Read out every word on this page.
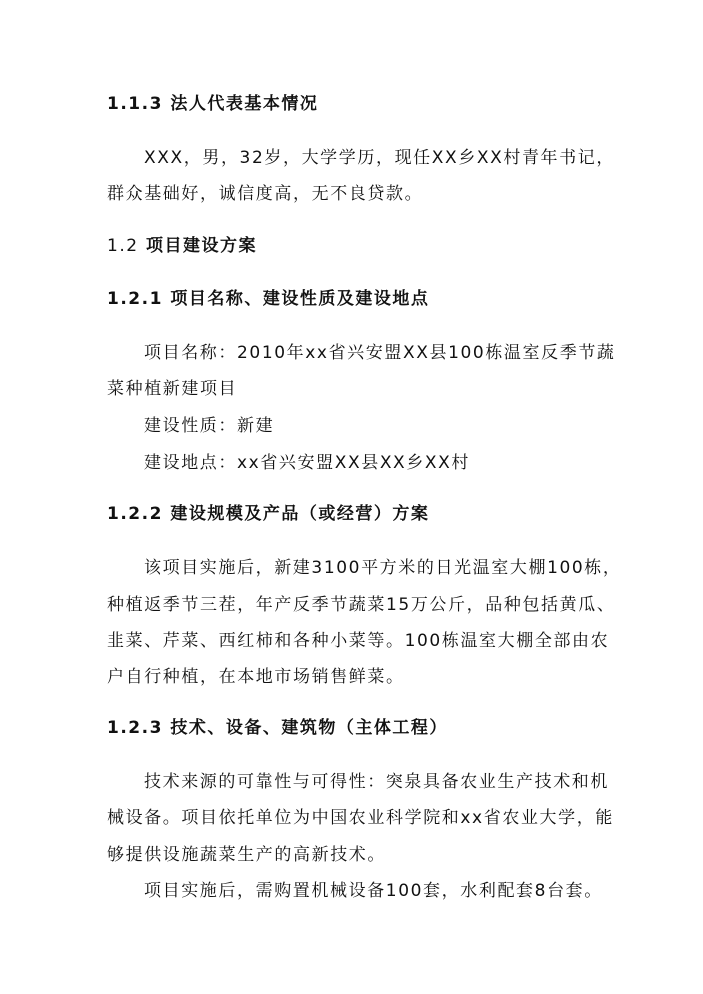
1.1.3 法人代表基本情况
XXX，男，32岁，大学学历，现任XX乡XX村青年书记，
群众基础好，诚信度高，无不良贷款。
1.2 项目建设方案
1.2.1 项目名称、建设性质及建设地点
项目名称：2010年xx省兴安盟XX县100栋温室反季节蔬
菜种植新建项目
建设性质：新建
建设地点：xx省兴安盟XX县XX乡XX村
1.2.2 建设规模及产品（或经营）方案
该项目实施后，新建3100平方米的日光温室大棚100栋，
种植返季节三茬，年产反季节蔬菜15万公斤，品种包括黄瓜、
韭菜、芹菜、西红柿和各种小菜等。100栋温室大棚全部由农
户自行种植，在本地市场销售鲜菜。
1.2.3 技术、设备、建筑物（主体工程）
技术来源的可靠性与可得性：突泉具备农业生产技术和机
械设备。项目依托单位为中国农业科学院和xx省农业大学，能
够提供设施蔬菜生产的高新技术。
项目实施后，需购置机械设备100套，水利配套8台套。
